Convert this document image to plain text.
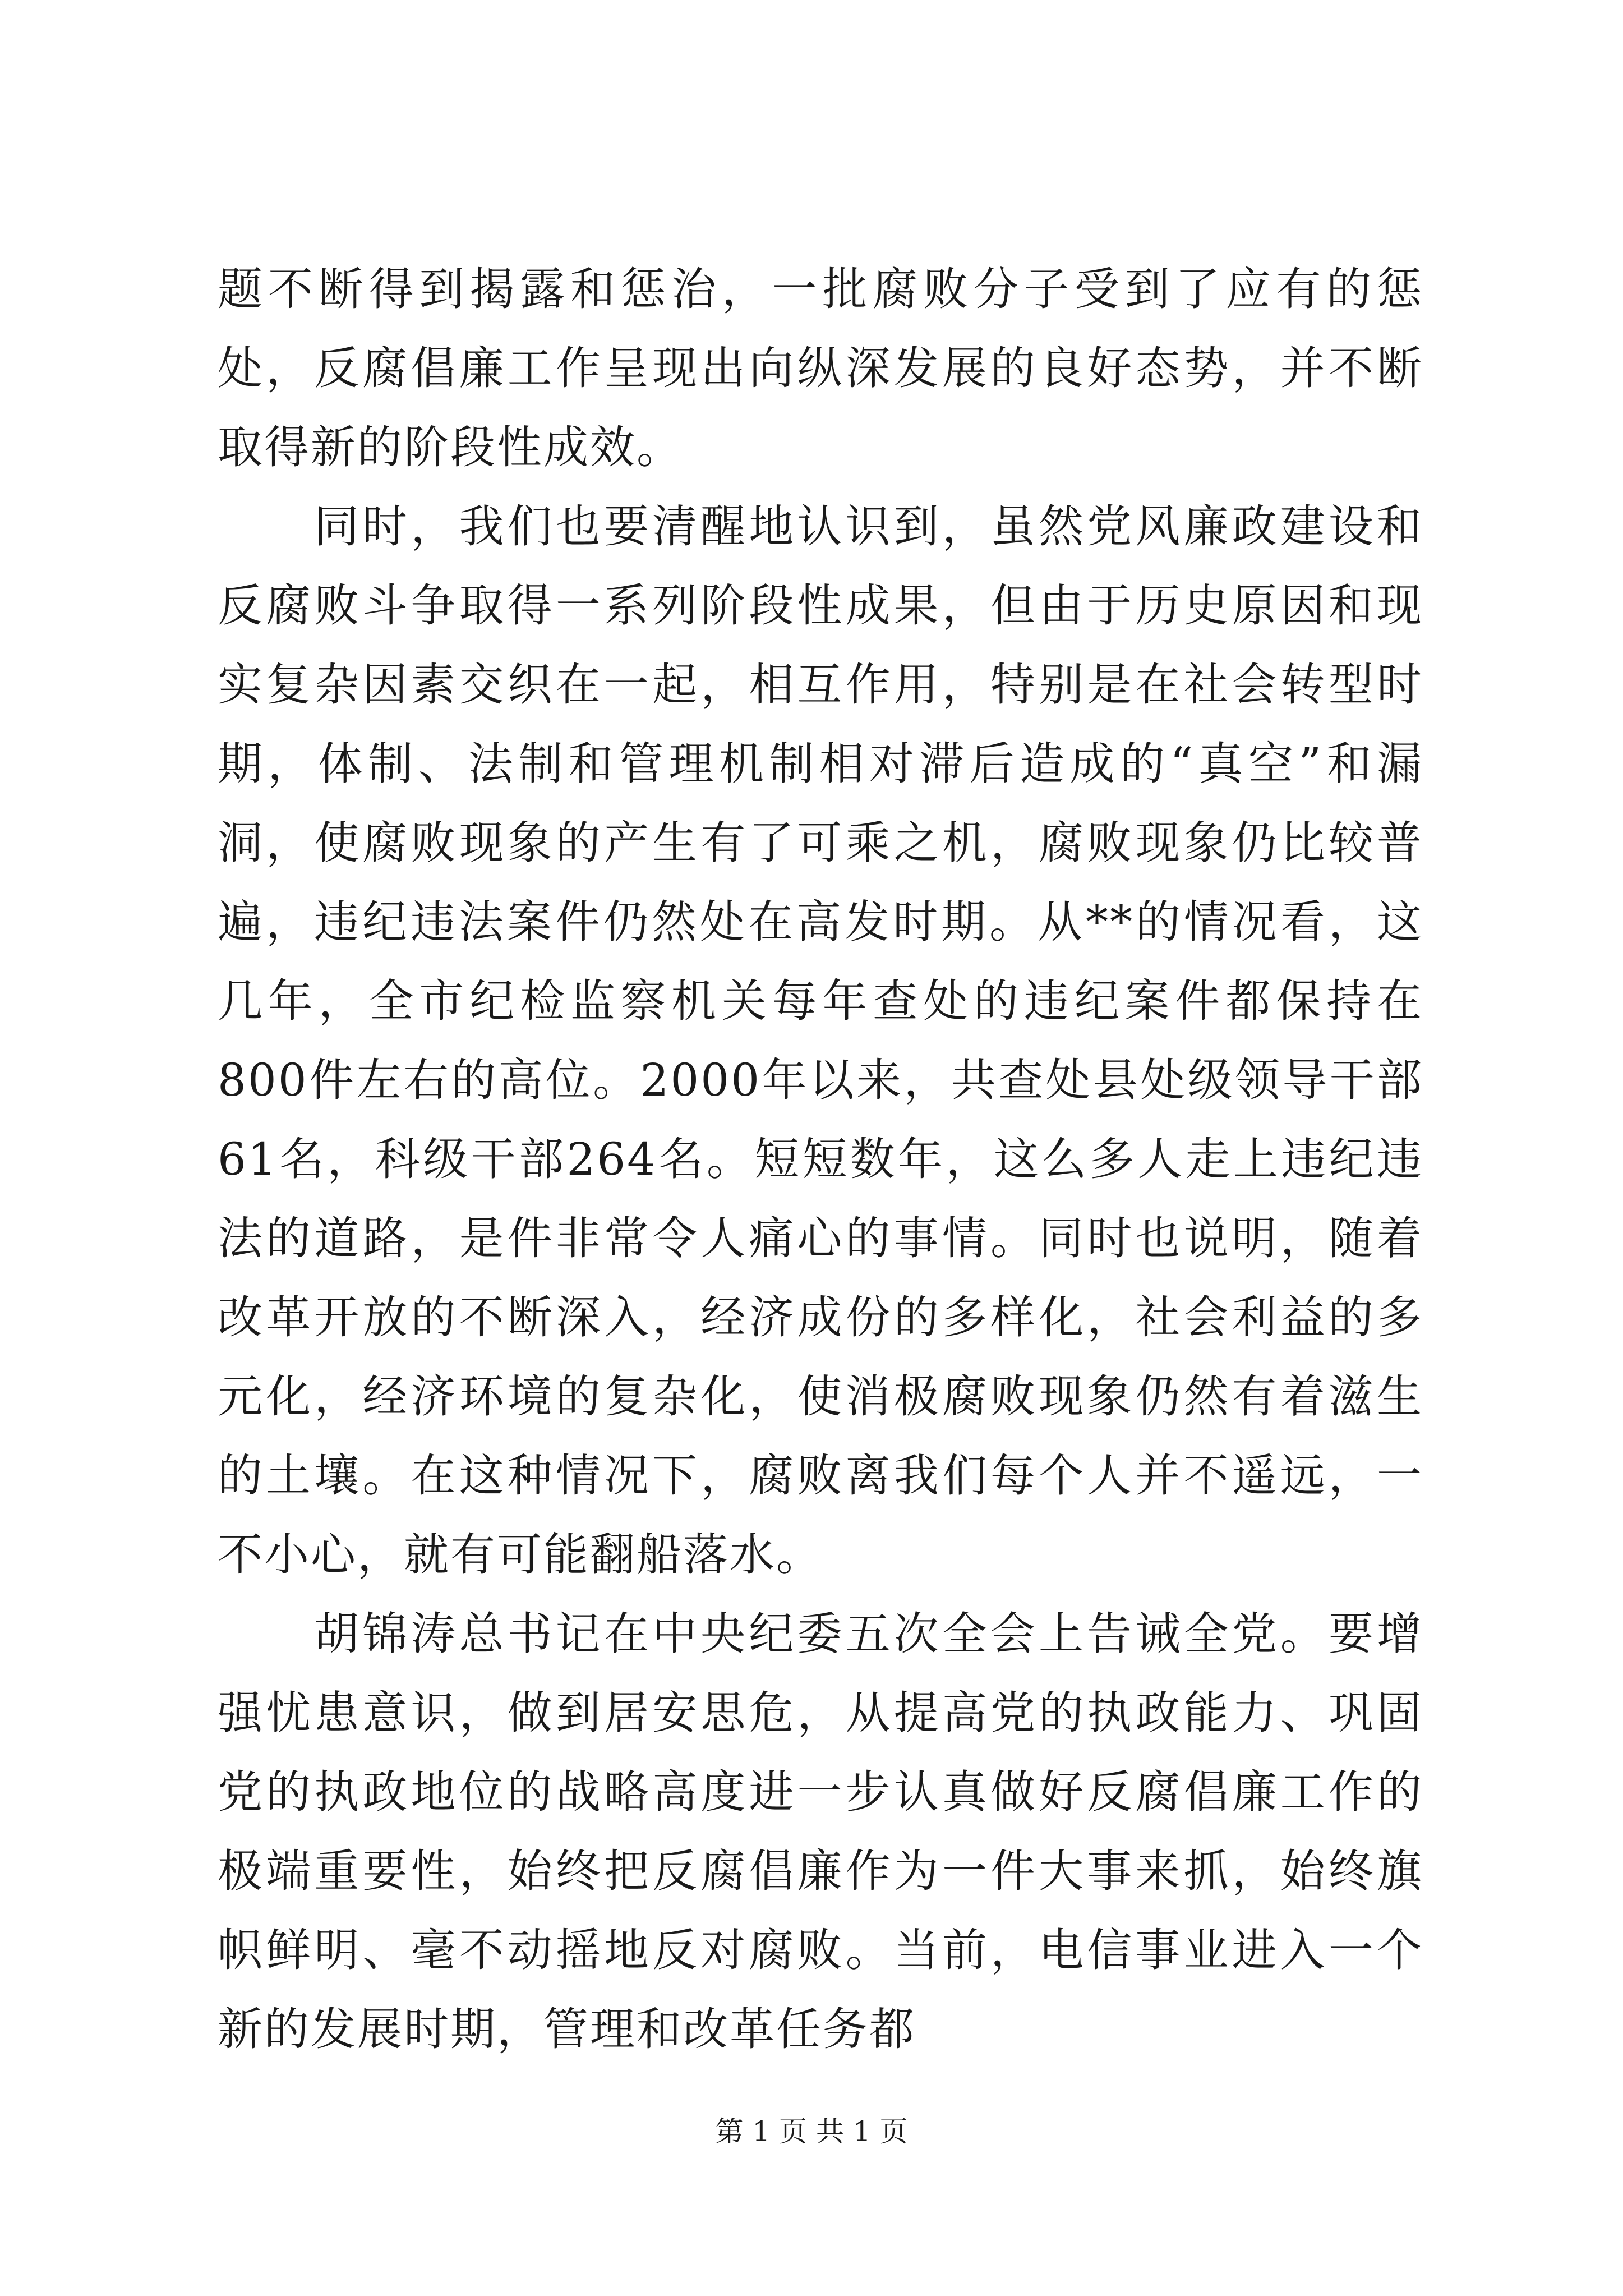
题不断得到揭露和惩治，一批腐败分子受到了应有的惩处，反腐倡廉工作呈现出向纵深发展的良好态势，并不断取得新的阶段性成效。

同时，我们也要清醒地认识到，虽然党风廉政建设和反腐败斗争取得一系列阶段性成果，但由于历史原因和现实复杂因素交织在一起，相互作用，特别是在社会转型时期，体制、法制和管理机制相对滞后造成的“真空”和漏洞，使腐败现象的产生有了可乘之机，腐败现象仍比较普遍，违纪违法案件仍然处在高发时期。从**的情况看，这几年，全市纪检监察机关每年查处的违纪案件都保持在800件左右的高位。2000年以来，共查处县处级领导干部61名，科级干部264名。短短数年，这么多人走上违纪违法的道路，是件非常令人痛心的事情。同时也说明，随着改革开放的不断深入，经济成份的多样化，社会利益的多元化，经济环境的复杂化，使消极腐败现象仍然有着滋生的土壤。在这种情况下，腐败离我们每个人并不遥远，一不小心，就有可能翻船落水。

胡锦涛总书记在中央纪委五次全会上告诫全党。要增强忧患意识，做到居安思危，从提高党的执政能力、巩固党的执政地位的战略高度进一步认真做好反腐倡廉工作的极端重要性，始终把反腐倡廉作为一件大事来抓，始终旗帜鲜明、毫不动摇地反对腐败。当前，电信事业进入一个新的发展时期，管理和改革任务都

第 1 页 共 1 页
